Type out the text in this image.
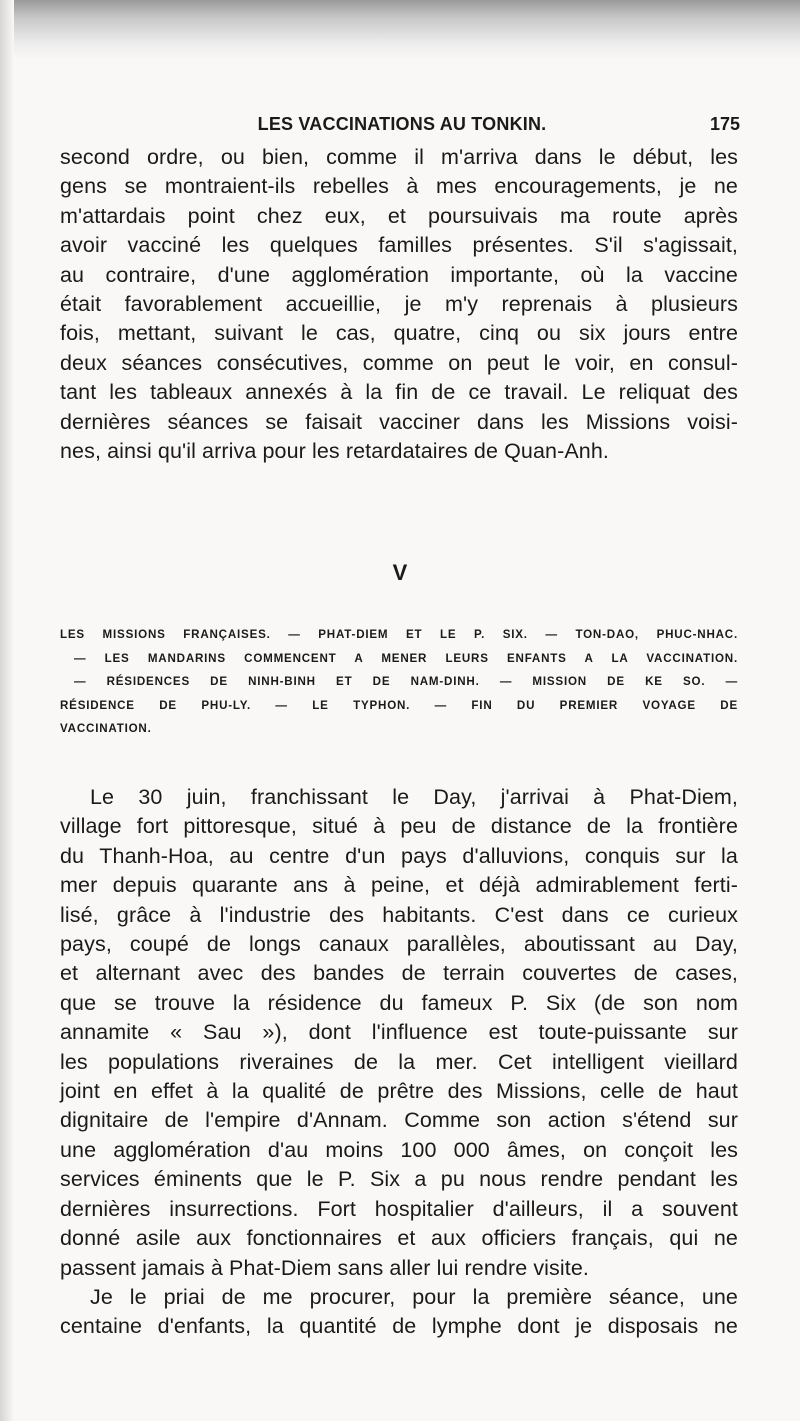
LES VACCINATIONS AU TONKIN.	175
second ordre, ou bien, comme il m'arriva dans le début, les
gens se montraient-ils rebelles à mes encouragements, je ne
m'attardais point chez eux, et poursuivais ma route après
avoir vacciné les quelques familles présentes. S'il s'agissait,
au contraire, d'une agglomération importante, où la vaccine
était favorablement accueillie, je m'y reprenais à plusieurs
fois, mettant, suivant le cas, quatre, cinq ou six jours entre
deux séances consécutives, comme on peut le voir, en consul-
tant les tableaux annexés à la fin de ce travail. Le reliquat des
dernières séances se faisait vacciner dans les Missions voisi-
nes, ainsi qu'il arriva pour les retardataires de Quan-Anh.
V
LES MISSIONS FRANÇAISES. — PHAT-DIEM ET LE P. SIX. — TON-DAO, PHUC-NHAC.
— LES MANDARINS COMMENCENT A MENER LEURS ENFANTS A LA VACCINATION.
— RÉSIDENCES DE NINH-BINH ET DE NAM-DINH. — MISSION DE KE SO. —
RÉSIDENCE DE PHU-LY. — LE TYPHON. — FIN DU PREMIER VOYAGE DE
VACCINATION.
Le 30 juin, franchissant le Day, j'arrivai à Phat-Diem,
village fort pittoresque, situé à peu de distance de la frontière
du Thanh-Hoa, au centre d'un pays d'alluvions, conquis sur la
mer depuis quarante ans à peine, et déjà admirablement ferti-
lisé, grâce à l'industrie des habitants. C'est dans ce curieux
pays, coupé de longs canaux parallèles, aboutissant au Day,
et alternant avec des bandes de terrain couvertes de cases,
que se trouve la résidence du fameux P. Six (de son nom
annamite « Sau »), dont l'influence est toute-puissante sur
les populations riveraines de la mer. Cet intelligent vieillard
joint en effet à la qualité de prêtre des Missions, celle de haut
dignitaire de l'empire d'Annam. Comme son action s'étend sur
une agglomération d'au moins 100 000 âmes, on conçoit les
services éminents que le P. Six a pu nous rendre pendant les
dernières insurrections. Fort hospitalier d'ailleurs, il a souvent
donné asile aux fonctionnaires et aux officiers français, qui ne
passent jamais à Phat-Diem sans aller lui rendre visite.
Je le priai de me procurer, pour la première séance, une
centaine d'enfants, la quantité de lymphe dont je disposais ne
